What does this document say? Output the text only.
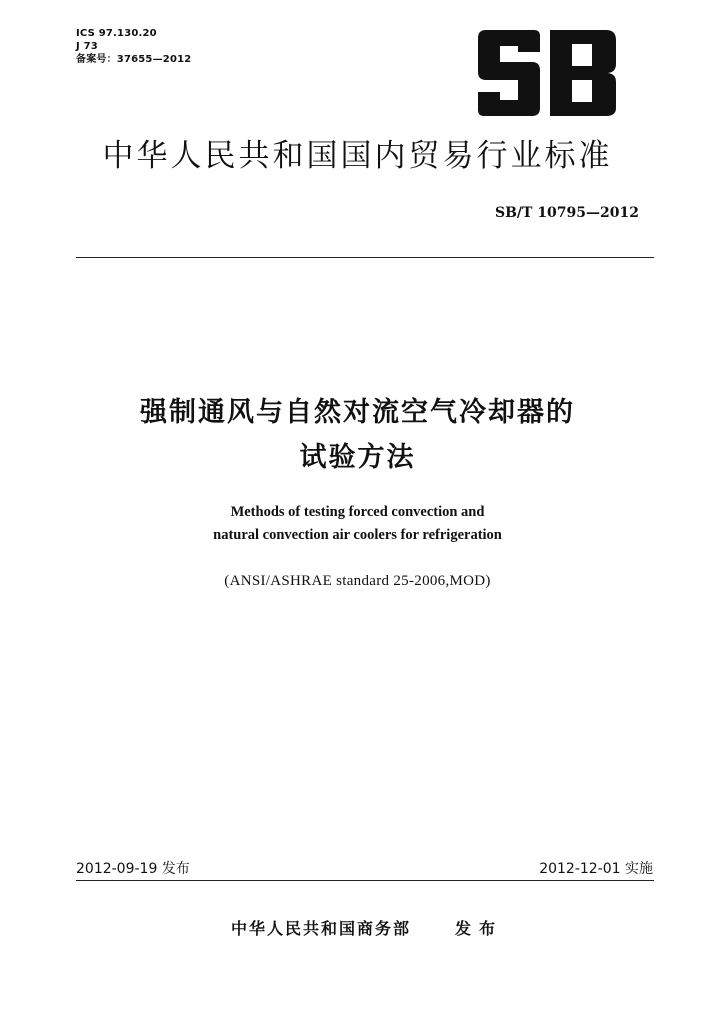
ICS 97.130.20
J 73
备案号：37655—2012
中华人民共和国国内贸易行业标准
SB/T 10795—2012
强制通风与自然对流空气冷却器的
试验方法
Methods of testing forced convection and
natural convection air coolers for refrigeration
(ANSI/ASHRAE standard 25-2006,MOD)
2012-09-19 发布	2012-12-01 实施
中华人民共和国商务部	发布
